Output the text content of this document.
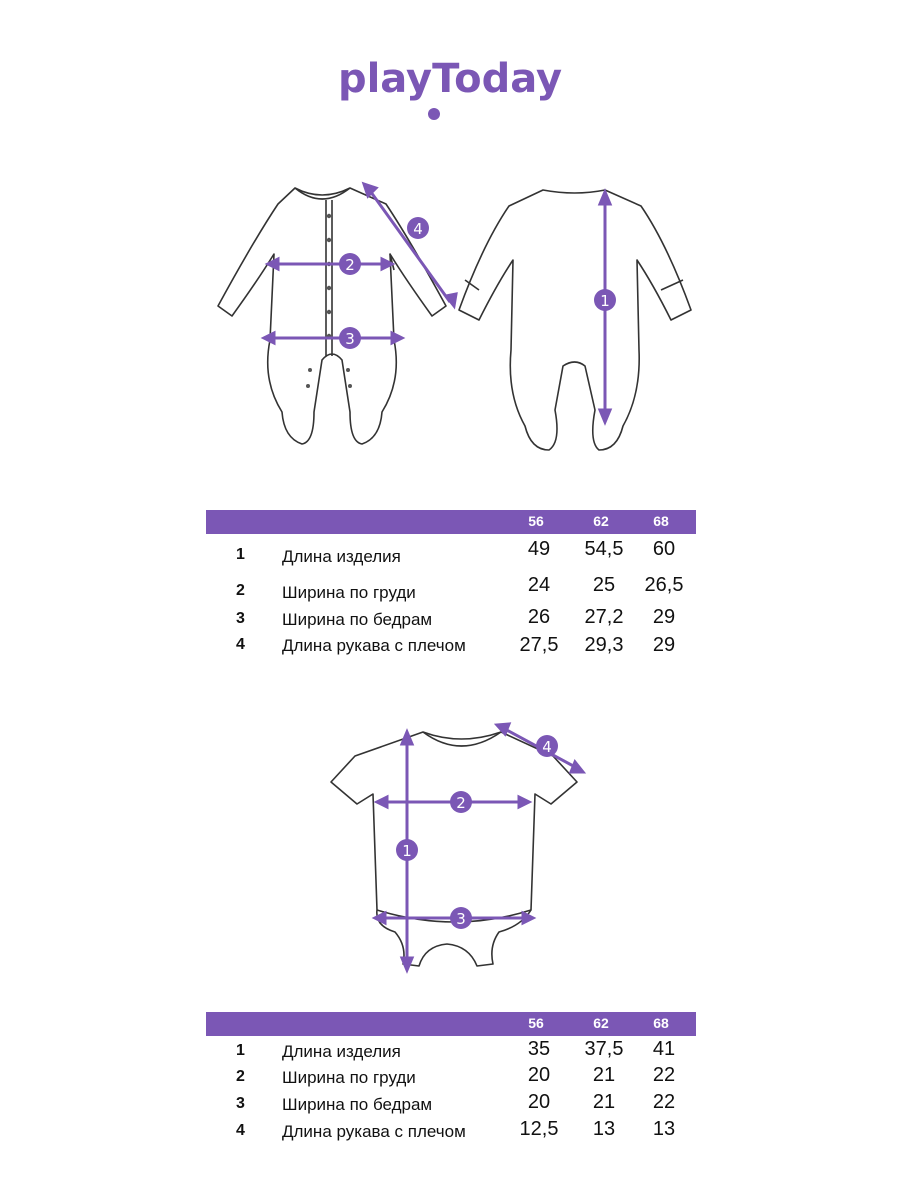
playToday
2
3
4
1
56	62	68
1 Длина изделия	49	54,5	60
2 Ширина по груди	24	25	26,5
3 Ширина по бедрам	26	27,2	29
4 Длина рукава с плечом	27,5	29,3	29
2
3
1
4
56	62	68
1 Длина изделия	35	37,5	41
2 Ширина по груди	20	21	22
3 Ширина по бедрам	20	21	22
4 Длина рукава с плечом	12,5	13	13
